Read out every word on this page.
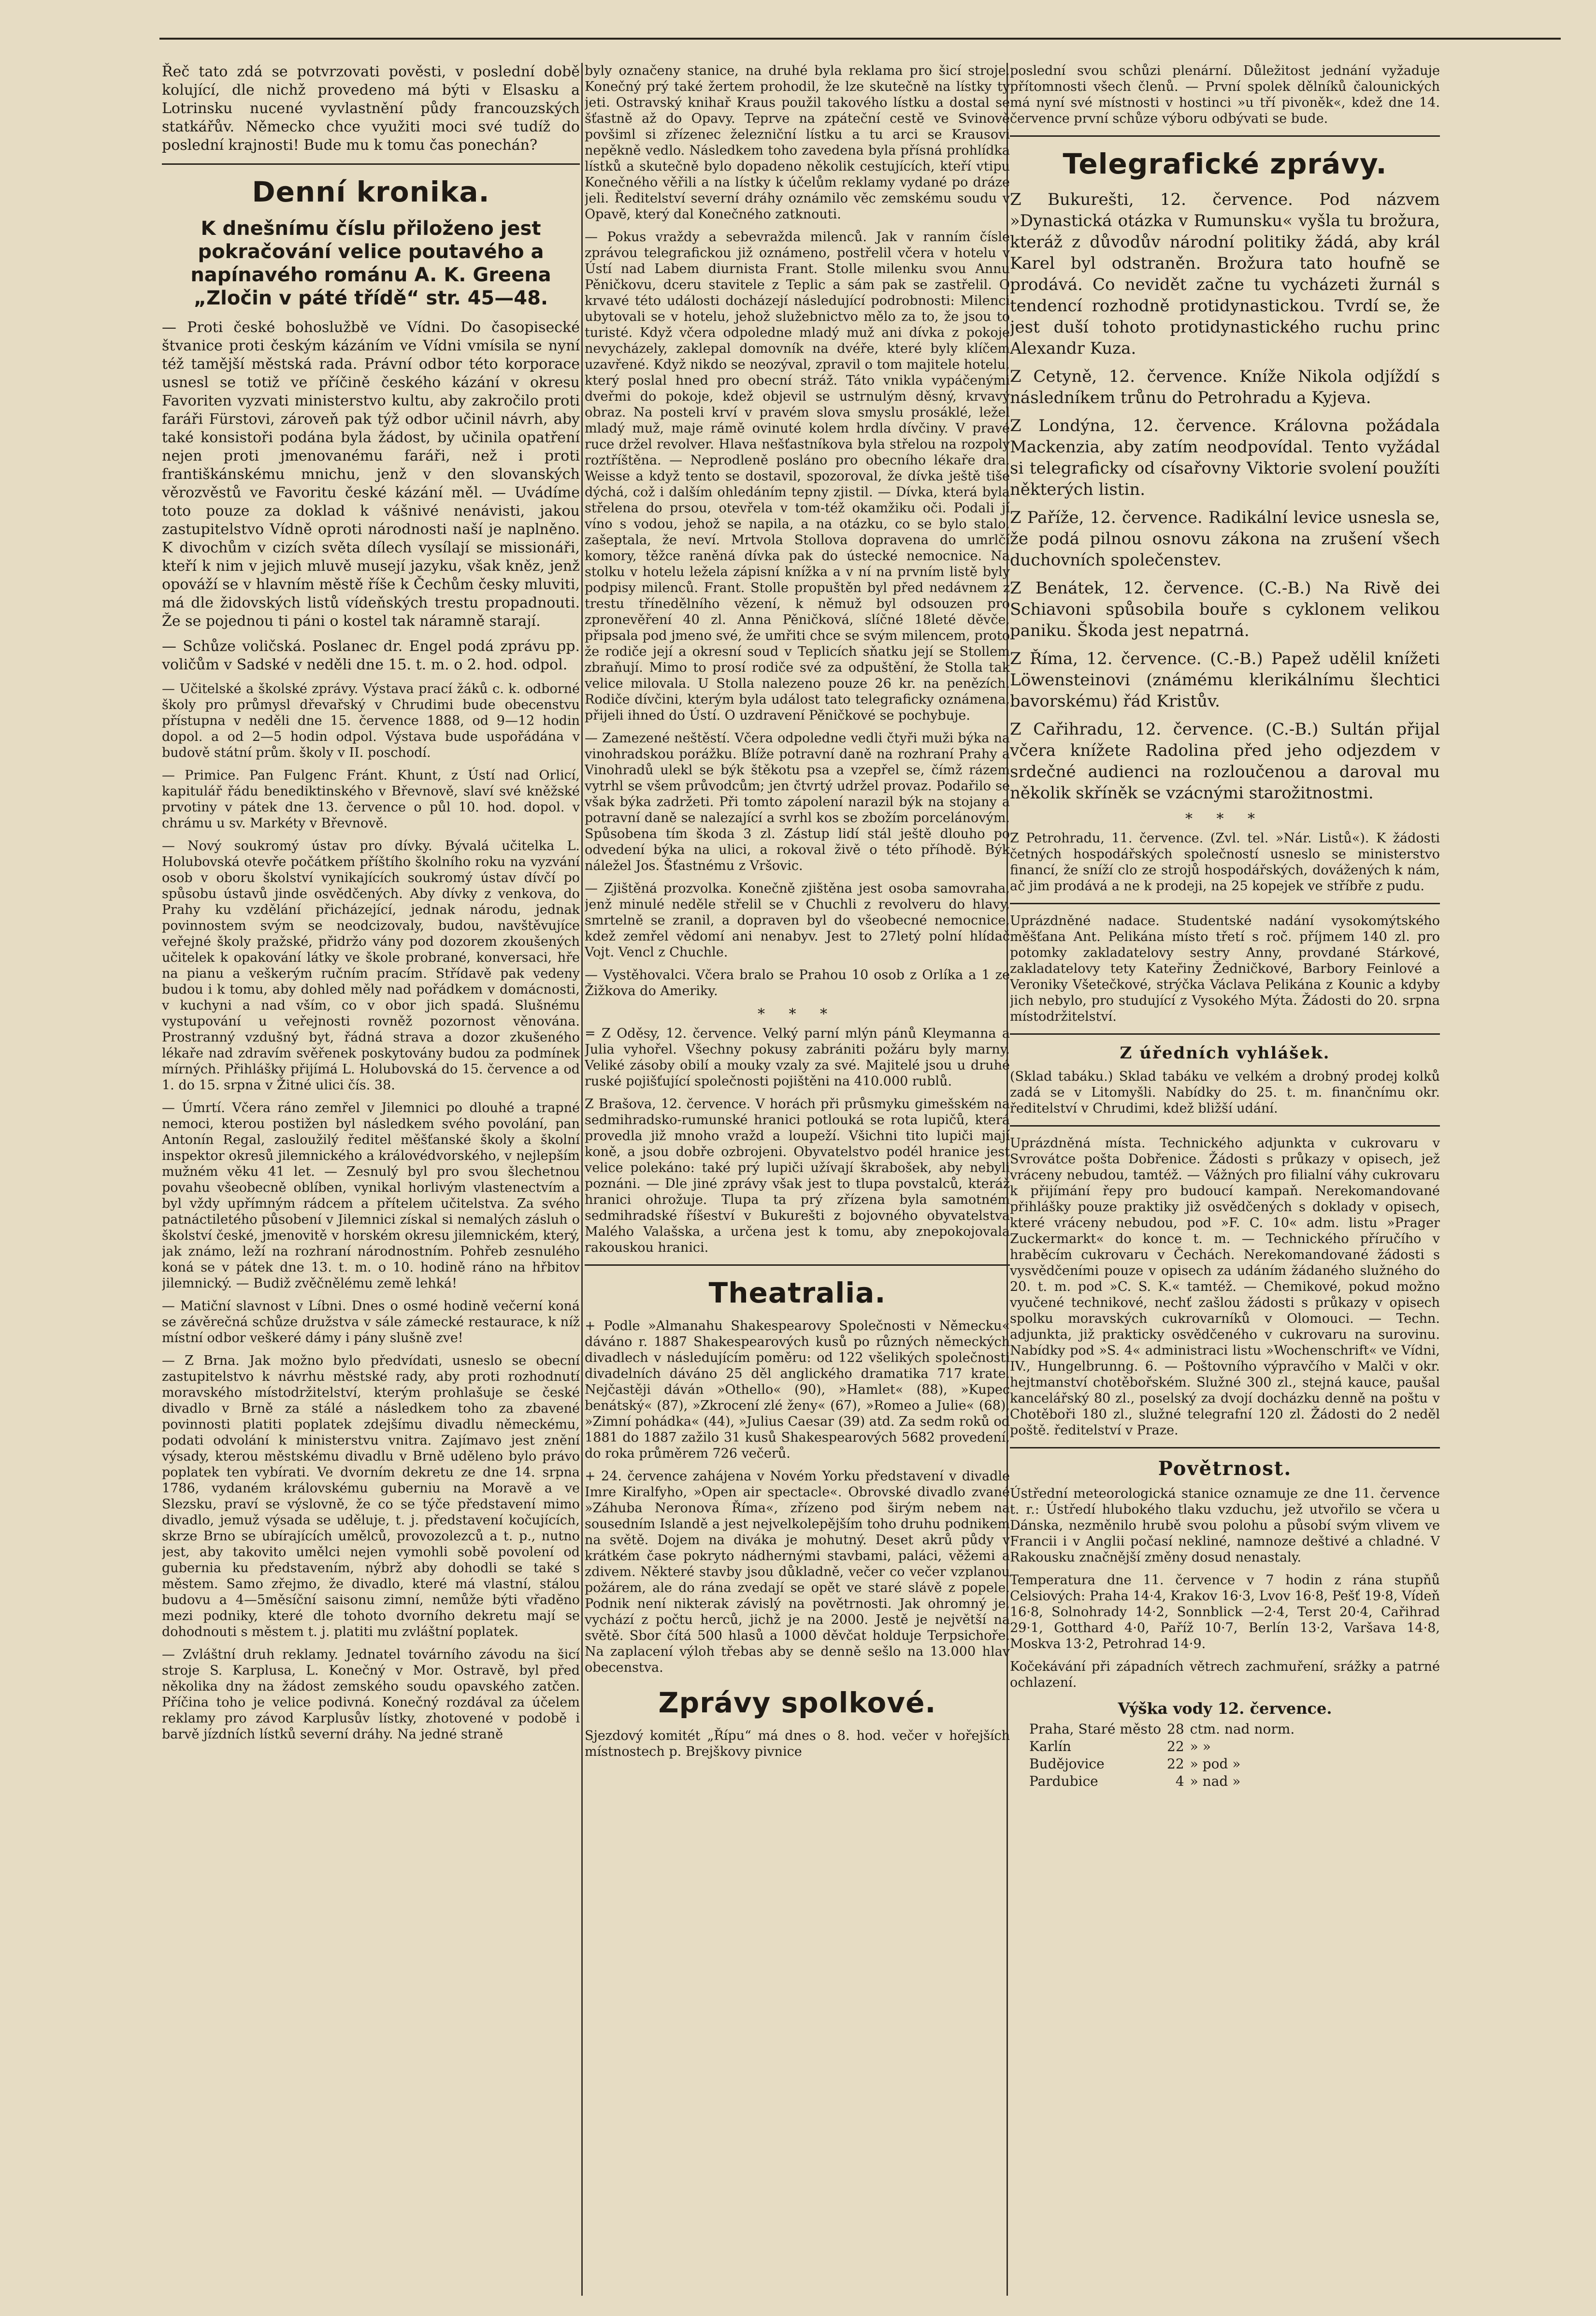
Řeč tato zdá se potvrzovati pověsti, v poslední době kolující, dle nichž provedeno má býti v Elsasku a Lotrinsku nucené vyvlastnění půdy francouzských statkářův. Německo chce využiti moci své tudíž do poslední krajnosti! Bude mu k tomu čas ponechán?

Denní kronika.
K dnešnímu číslu přiloženo jest pokračování velice poutavého a napínavého románu A. K. Greena „Zločin v páté třídě“ str. 45—48.

— Proti české bohoslužbě ve Vídni. Do časopisecké štvanice proti českým kázáním ve Vídni vmísila se nyní též tamější městská rada. Právní odbor této korporace usnesl se totiž ve příčině českého kázání v okresu Favoriten vyzvati ministerstvo kultu, aby zakročilo proti faráři Fürstovi, zároveň pak týž odbor učinil návrh, aby také konsistoři podána byla žádost, by učinila opatření nejen proti jmenovanému faráři, než i proti františkánskému mnichu, jenž v den slovanských věrozvěstů ve Favoritu české kázání měl. — Uvádíme toto pouze za doklad k vášnivé nenávisti, jakou zastupitelstvo Vídně oproti národnosti naší je naplněno. K divochům v cizích světa dílech vysílají se missionáři, kteří k nim v jejich mluvě musejí jazyku, však kněz, jenž opováží se v hlavním městě říše k Čechům česky mluviti, má dle židovských listů vídeňských trestu propadnouti. Že se pojednou ti páni o kostel tak náramně starají.

— Schůze voličská. Poslanec dr. Engel podá zprávu pp. voličům v Sadské v neděli dne 15. t. m. o 2. hod. odpol.

— Učitelské a školské zprávy. Výstava prací žáků c. k. odborné školy pro průmysl dřevařský v Chrudimi bude obecenstvu přístupna v neděli dne 15. července 1888, od 9—12 hodin dopol. a od 2—5 hodin odpol. Výstava bude uspořádána v budově státní prům. školy v II. poschodí.

— Primice. Pan Fulgenc Fránt. Khunt, z Ústí nad Orlicí, kapitulář řádu benediktinského v Břevnově, slaví své kněžské prvotiny v pátek dne 13. července o půl 10. hod. dopol. v chrámu u sv. Markéty v Břevnově.

— Nový soukromý ústav pro dívky. Bývalá učitelka L. Holubovská otevře počátkem příštího školního roku na vyzvání osob v oboru školství vynikajících soukromý ústav dívčí po spůsobu ústavů jinde osvědčených. Aby dívky z venkova, do Prahy ku vzdělání přicházející, jednak národu, jednak povinnostem svým se neodcizovaly, budou, navštěvujíce veřejné školy pražské, přidržo vány pod dozorem zkoušených učitelek k opakování látky ve škole probrané, konversaci, hře na pianu a veškerým ručním pracím. Střídavě pak vedeny budou i k tomu, aby dohled měly nad pořádkem v domácnosti, v kuchyni a nad vším, co v obor jich spadá. Slušnému vystupování u veřejnosti rovněž pozornost věnována. Prostranný vzdušný byt, řádná strava a dozor zkušeného lékaře nad zdravím svěřenek poskytovány budou za podmínek mírných. Přihlášky přijímá L. Holubovská do 15. července a od 1. do 15. srpna v Žitné ulici čís. 38.

— Úmrtí. Včera ráno zemřel v Jilemnici po dlouhé a trapné nemoci, kterou postižen byl následkem svého povolání, pan Antonín Regal, zasloužilý ředitel měšťanské školy a školní inspektor okresů jilemnického a královédvorského, v nejlepším mužném věku 41 let. — Zesnulý byl pro svou šlechetnou povahu všeobecně oblíben, vynikal horlivým vlastenectvím a byl vždy upřímným rádcem a přítelem učitelstva. Za svého patnáctiletého působení v Jilemnici získal si nemalých zásluh o školství české, jmenovitě v horském okresu jilemnickém, který, jak známo, leží na rozhraní národnostním. Pohřeb zesnulého koná se v pátek dne 13. t. m. o 10. hodině ráno na hřbitov jilemnický. — Budiž zvěčnělému země lehká!

— Matiční slavnost v Líbni. Dnes o osmé hodině večerní koná se závěrečná schůze družstva v sále zámecké restaurace, k níž místní odbor veškeré dámy i pány slušně zve!

— Z Brna. Jak možno bylo předvídati, usneslo se obecní zastupitelstvo k návrhu městské rady, aby proti rozhodnutí moravského místodržitelství, kterým prohlašuje se české divadlo v Brně za stálé a následkem toho za zbavené povinnosti platiti poplatek zdejšímu divadlu německému, podati odvolání k ministerstvu vnitra. Zajímavo jest znění výsady, kterou městskému divadlu v Brně uděleno bylo právo poplatek ten vybírati. Ve dvorním dekretu ze dne 14. srpna 1786, vydaném královskému guberniu na Moravě a ve Slezsku, praví se výslovně, že co se týče představení mimo divadlo, jemuž výsada se uděluje, t. j. představení kočujících, skrze Brno se ubírajících umělců, provozolezců a t. p., nutno jest, aby takovito umělci nejen vymohli sobě povolení od gubernia ku představením, nýbrž aby dohodli se také s městem. Samo zřejmo, že divadlo, které má vlastní, stálou budovu a 4—5měsíční saisonu zimní, nemůže býti vřaděno mezi podniky, které dle tohoto dvorního dekretu mají se dohodnouti s městem t. j. platiti mu zvláštní poplatek.

— Zvláštní druh reklamy. Jednatel továrního závodu na šicí stroje S. Karplusa, L. Konečný v Mor. Ostravě, byl před několika dny na žádost zemského soudu opavského zatčen. Příčina toho je velice podivná. Konečný rozdával za účelem reklamy pro závod Karplusův lístky, zhotovené v podobě i barvě jízdních lístků severní dráhy. Na jedné straně

byly označeny stanice, na druhé byla reklama pro šicí stroje. Konečný prý také žertem prohodil, že lze skutečně na lístky ty jeti. Ostravský knihař Kraus použil takového lístku a dostal se šťastně až do Opavy. Teprve na zpáteční cestě ve Svinově povšiml si zřízenec železniční lístku a tu arci se Krausovi nepěkně vedlo. Následkem toho zavedena byla přísná prohlídka lístků a skutečně bylo dopadeno několik cestujících, kteří vtipu Konečného věřili a na lístky k účelům reklamy vydané po dráze jeli. Ředitelství severní dráhy oznámilo věc zemskému soudu v Opavě, který dal Konečného zatknouti.

— Pokus vraždy a sebevražda milenců. Jak v ranním čísle zprávou telegrafickou již oznámeno, postřelil včera v hotelu v Ústí nad Labem diurnista Frant. Stolle milenku svou Annu Pěničkovu, dceru stavitele z Teplic a sám pak se zastřelil. O krvavé této události docházejí následující podrobnosti: Milenci ubytovali se v hotelu, jehož služebnictvo mělo za to, že jsou to turisté. Když včera odpoledne mladý muž ani dívka z pokoje nevycházely, zaklepal domovník na dvéře, které byly klíčem uzavřené. Když nikdo se neozýval, zpravil o tom majitele hotelu, který poslal hned pro obecní stráž. Táto vnikla vypáčenými dveřmi do pokoje, kdež objevil se ustrnulým děsný, krvavý obraz. Na posteli krví v pravém slova smyslu prosáklé, ležel mladý muž, maje rámě ovinuté kolem hrdla dívčiny. V pravé ruce držel revolver. Hlava nešťastníkova byla střelou na rozpoly roztříštěna. — Neprodleně posláno pro obecního lékaře dra. Weisse a když tento se dostavil, spozoroval, že dívka ještě tiše dýchá, což i dalším ohledáním tepny zjistil. — Dívka, která byla střelena do prsou, otevřela v tom-též okamžiku oči. Podali jí víno s vodou, jehož se napila, a na otázku, co se bylo stalo, zašeptala, že neví. Mrtvola Stollova dopravena do umrlčí komory, těžce raněná dívka pak do ústecké nemocnice. Na stolku v hotelu ležela zápisní knížka a v ní na prvním listě byly podpisy milenců. Frant. Stolle propuštěn byl před nedávnem z trestu třínedělního vězení, k němuž byl odsouzen pro zpronevěření 40 zl. Anna Pěničková, slíčné 18leté děvče, připsala pod jmeno své, že umřiti chce se svým milencem, proto že rodiče její a okresní soud v Teplicích sňatku její se Stollem zbraňují. Mimo to prosí rodiče své za odpuštění, že Stolla tak velice milovala. U Stolla nalezeno pouze 26 kr. na penězích. Rodiče dívčini, kterým byla událost tato telegraficky oznámena, přijeli ihned do Ústí. O uzdravení Pěničkové se pochybuje.

— Zamezené neštěstí. Včera odpoledne vedli čtyři muži býka na vinohradskou porážku. Blíže potravní daně na rozhraní Prahy a Vinohradů ulekl se býk štěkotu psa a vzepřel se, čímž rázem vytrhl se všem průvodcům; jen čtvrtý udržel provaz. Podařilo se však býka zadržeti. Při tomto zápolení narazil býk na stojany a potravní daně se nalezající a svrhl kos se zbožím porcelánovým. Spůsobena tím škoda 3 zl. Zástup lidí stál ještě dlouho po odvedení býka na ulici, a rokoval živě o této příhodě. Býk náležel Jos. Šťastnému z Vršovic.

— Zjištěná prozvolka. Konečně zjištěna jest osoba samovraha, jenž minulé neděle střelil se v Chuchli z revolveru do hlavy, smrtelně se zranil, a dopraven byl do všeobecné nemocnice, kdež zemřel vědomí ani nenabyv. Jest to 27letý polní hlídač Vojt. Vencl z Chuchle.

— Vystěhovalci. Včera bralo se Prahou 10 osob z Orlíka a 1 ze Žižkova do Ameriky.

* * *

= Z Oděsy, 12. července. Velký parní mlýn pánů Kleymanna a Julia vyhořel. Všechny pokusy zabrániti požáru byly marny. Veliké zásoby obilí a mouky vzaly za své. Majitelé jsou u druhé ruské pojišťující společnosti pojištěni na 410.000 rublů.

Z Brašova, 12. července. V horách při průsmyku gimešském na sedmihradsko-rumunské hranici potlouká se rota lupičů, která provedla již mnoho vražd a loupeží. Všichni tito lupiči mají koně, a jsou dobře ozbrojeni. Obyvatelstvo podél hranice jest velice polekáno: také prý lupiči užívají škrabošek, aby nebyli poznáni. — Dle jiné zprávy však jest to tlupa povstalců, kteráž hranici ohrožuje. Tlupa ta prý zřízena byla samotném sedmihradské říšeství v Bukurešti z bojovného obyvatelstva Malého Valašska, a určena jest k tomu, aby znepokojovala rakouskou hranici.

Theatralia.

+ Podle »Almanahu Shakespearovy Společnosti v Německu« dáváno r. 1887 Shakespearových kusů po různých německých divadlech v následujícím poměru: od 122 všelikých společnosti divadelních dáváno 25 děl anglického dramatika 717 krate. Nejčastěji dáván »Othello« (90), »Hamlet« (88), »Kupec benátský« (87), »Zkrocení zlé ženy« (67), »Romeo a Julie« (68), »Zimní pohádka« (44), »Julius Caesar (39) atd. Za sedm roků od 1881 do 1887 zažilo 31 kusů Shakespearových 5682 provedení, do roka průměrem 726 večerů.

+ 24. července zahájena v Novém Yorku představení v divadle Imre Kiralfyho, »Open air spectacle«. Obrovské divadlo zvané »Záhuba Neronova Říma«, zřízeno pod širým nebem na sousedním Islandě a jest nejvelkolepějším toho druhu podnikem na světě. Dojem na diváka je mohutný. Deset akrů půdy v krátkém čase pokryto nádhernými stavbami, paláci, věžemi a zdivem. Některé stavby jsou důkladně, večer co večer vzplanou požárem, ale do rána zvedají se opět ve staré slávě z popele. Podnik není nikterak závislý na povětrnosti. Jak ohromný je, vychází z počtu herců, jichž je na 2000. Jestě je největší na světě. Sbor čítá 500 hlasů a 1000 děvčat holduje Terpsichoře. Na zaplacení výloh třebas aby se denně sešlo na 13.000 hlav obecenstva.

Zprávy spolkové.

Sjezdový komitét „Řípu“ má dnes o 8. hod. večer v hořejších místnostech p. Brejškovy pivnice

poslední svou schůzi plenární. Důležitost jednání vyžaduje přítomnosti všech členů. — První spolek dělníků čalounických má nyní své místnosti v hostinci »u tří pivoněk«, kdež dne 14. července první schůze výboru odbývati se bude.

Telegrafické zprávy.

Z Bukurešti, 12. července. Pod názvem »Dynastická otázka v Rumunsku« vyšla tu brožura, kteráž z důvodův národní politiky žádá, aby král Karel byl odstraněn. Brožura tato houfně se prodává. Co nevidět začne tu vycházeti žurnál s tendencí rozhodně protidynastickou. Tvrdí se, že jest duší tohoto protidynastického ruchu princ Alexandr Kuza.

Z Cetyně, 12. července. Kníže Nikola odjíždí s následníkem trůnu do Petrohradu a Kyjeva.

Z Londýna, 12. července. Královna požádala Mackenzia, aby zatím neodpovídal. Tento vyžádal si telegraficky od císařovny Viktorie svolení použíti některých listin.

Z Paříže, 12. července. Radikální levice usnesla se, že podá pilnou osnovu zákona na zrušení všech duchovních společenstev.

Z Benátek, 12. července. (C.-B.) Na Rivě dei Schiavoni spůsobila bouře s cyklonem velikou paniku. Škoda jest nepatrná.

Z Říma, 12. července. (C.-B.) Papež udělil knížeti Löwensteinovi (známému klerikálnímu šlechtici bavorskému) řád Kristův.

Z Cařihradu, 12. července. (C.-B.) Sultán přijal včera knížete Radolina před jeho odjezdem v srdečné audienci na rozloučenou a daroval mu několik skříněk se vzácnými starožitnostmi.

* * *

Z Petrohradu, 11. července. (Zvl. tel. »Nár. Listů«). K žádosti četných hospodářských společností usneslo se ministerstvo financí, že sníží clo ze strojů hospodářských, dovážených k nám, ač jim prodává a ne k prodeji, na 25 kopejek ve stříbře z pudu.

Uprázdněné nadace. Studentské nadání vysokomýtského měšťana Ant. Pelikána místo třetí s roč. příjmem 140 zl. pro potomky zakladatelovy sestry Anny, provdané Stárkové, zakladatelovy tety Kateřiny Žedničkové, Barbory Feinlové a Veroniky Všetečkové, strýčka Václava Pelikána z Kounic a kdyby jich nebylo, pro studující z Vysokého Mýta. Žádosti do 20. srpna místodržitelství.

Z úředních vyhlášek.

(Sklad tabáku.) Sklad tabáku ve velkém a drobný prodej kolků zadá se v Litomyšli. Nabídky do 25. t. m. finančnímu okr. ředitelství v Chrudimi, kdež bližší udání.

Uprázdněná místa. Technického adjunkta v cukrovaru v Svrovátce pošta Dobřenice. Žádosti s průkazy v opisech, jež vráceny nebudou, tamtéž. — Vážných pro filialní váhy cukrovaru k přijímání řepy pro budoucí kampaň. Nerekomandované přihlášky pouze praktiky již osvědčených s doklady v opisech, které vráceny nebudou, pod »F. C. 10« adm. listu »Prager Zuckermarkt« do konce t. m. — Technického příručího v hraběcím cukrovaru v Čechách. Nerekomandované žádosti s vysvědčeními pouze v opisech za udáním žádaného služného do 20. t. m. pod »C. S. K.« tamtéž. — Chemikové, pokud možno vyučené technikové, nechť zašlou žádosti s průkazy v opisech spolku moravských cukrovarníků v Olomouci. — Techn. adjunkta, již prakticky osvědčeného v cukrovaru na surovinu. Nabídky pod »S. 4« administraci listu »Wochenschrift« ve Vídni, IV., Hungelbrunng. 6. — Poštovního výpravčího v Malči v okr. hejtmanství chotěbořském. Služné 300 zl., stejná kauce, paušal kancelářský 80 zl., poselský za dvojí docházku denně na poštu v Chotěboři 180 zl., služné telegrafní 120 zl. Žádosti do 2 neděl poště. ředitelství v Praze.

Povětrnost.

Ústřední meteorologická stanice oznamuje ze dne 11. července t. r.: Ústředí hlubokého tlaku vzduchu, jež utvořilo se včera u Dánska, nezměnilo hrubě svou polohu a působí svým vlivem ve Francii i v Anglii počasí nekliné, namnoze deštivé a chladné. V Rakousku značnější změny dosud nenastaly.

Temperatura dne 11. července v 7 hodin z rána stupňů Celsiových: Praha 14·4, Krakov 16·3, Lvov 16·8, Pešť 19·8, Vídeň 16·8, Solnohrady 14·2, Sonnblick —2·4, Terst 20·4, Cařihrad 29·1, Gotthard 4·0, Paříž 10·7, Berlín 13·2, Varšava 14·8, Moskva 13·2, Petrohrad 14·9.

Kočekávání při západních větrech zachmuření, srážky a patrné ochlazení.

Výška vody 12. července.
Praha, Staré město	28	ctm. nad norm.
Karlín	22	» »
Budějovice	22	» pod »
Pardubice	4	» nad »
